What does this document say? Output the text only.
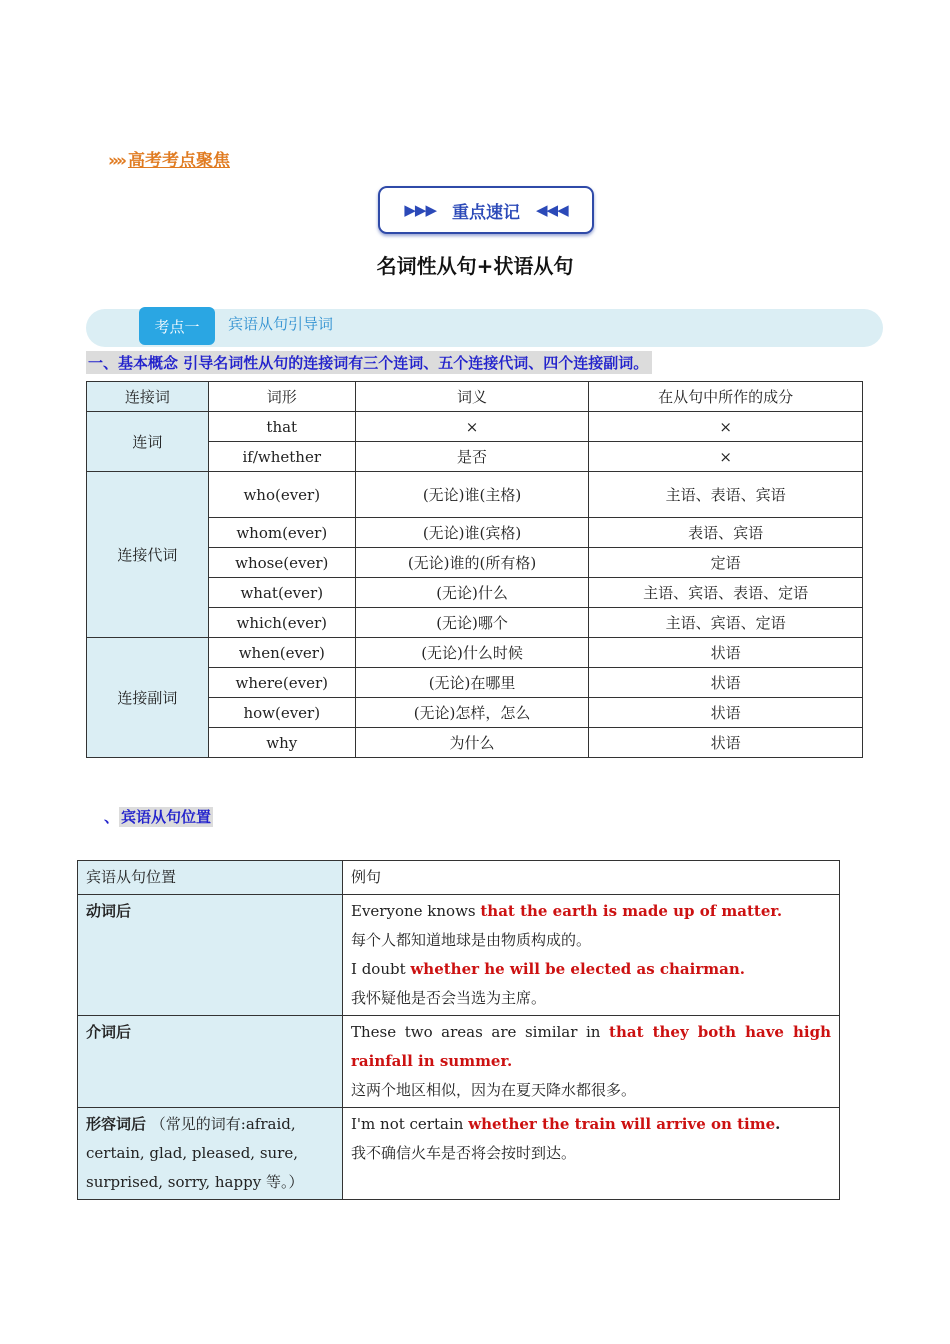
»» 高考考点聚焦
▶▶▶ 重点速记 ◀◀◀
名词性从句+状语从句
考点一	宾语从句引导词
一、基本概念 引导名词性从句的连接词有三个连词、五个连接代词、四个连接副词。
连接词	词形	词义	在从句中所作的成分
连词	that	×	×
	if/whether	是否	×
连接代词	who(ever)	(无论)谁(主格)	主语、表语、宾语
	whom(ever)	(无论)谁(宾格)	表语、宾语
	whose(ever)	(无论)谁的(所有格)	定语
	what(ever)	(无论)什么	主语、宾语、表语、定语
	which(ever)	(无论)哪个	主语、宾语、定语
连接副词	when(ever)	(无论)什么时候	状语
	where(ever)	(无论)在哪里	状语
	how(ever)	(无论)怎样，怎么	状语
	why	为什么	状语
、 宾语从句位置
宾语从句位置	例句
动词后	Everyone knows that the earth is made up of matter.
每个人都知道地球是由物质构成的。
I doubt whether he will be elected as chairman.
我怀疑他是否会当选为主席。

介词后	These two areas are similar in that they both have high rainfall in summer.
这两个地区相似，因为在夏天降水都很多。

形容词后 （常见的词有:afraid, certain, glad, pleased, sure, surprised, sorry, happy 等。）	I'm not certain whether the train will arrive on time.
我不确信火车是否将会按时到达。
